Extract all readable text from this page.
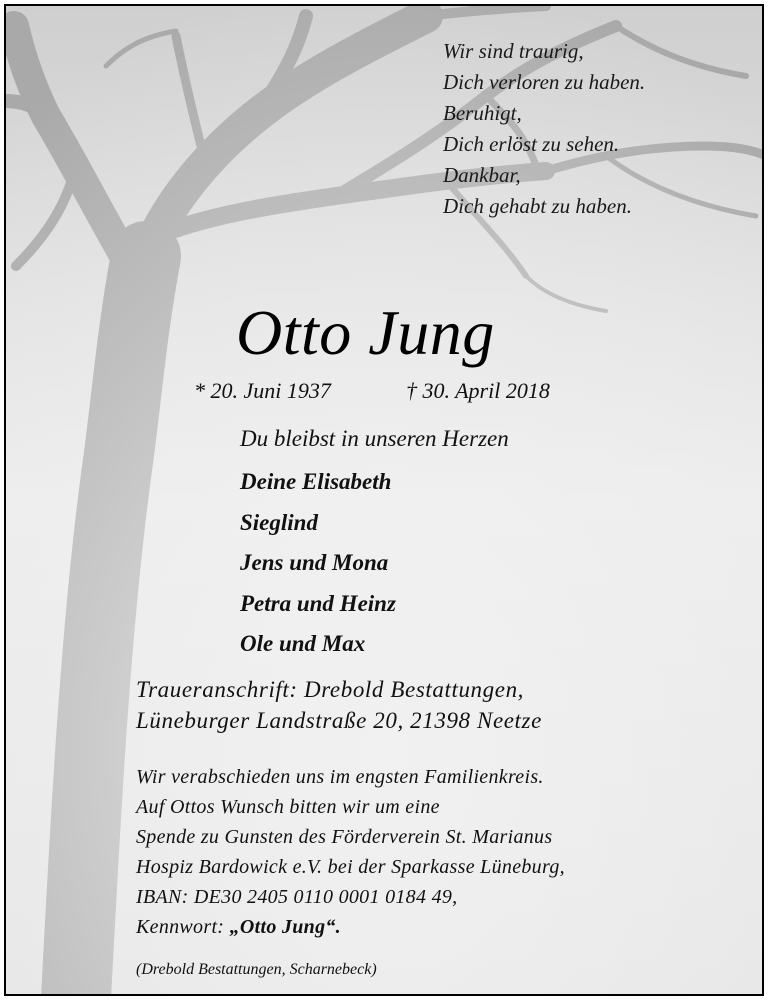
Wir sind traurig,
Dich verloren zu haben.
Beruhigt,
Dich erlöst zu sehen.
Dankbar,
Dich gehabt zu haben.
Otto Jung
* 20. Juni 1937	† 30. April 2018
Du bleibst in unseren Herzen
Deine Elisabeth
Sieglind
Jens und Mona
Petra und Heinz
Ole und Max
Traueranschrift: Drebold Bestattungen,
Lüneburger Landstraße 20, 21398 Neetze
Wir verabschieden uns im engsten Familienkreis.
Auf Ottos Wunsch bitten wir um eine
Spende zu Gunsten des Förderverein St. Marianus
Hospiz Bardowick e.V. bei der Sparkasse Lüneburg,
IBAN: DE30 2405 0110 0001 0184 49,
Kennwort: „Otto Jung“.
(Drebold Bestattungen, Scharnebeck)
